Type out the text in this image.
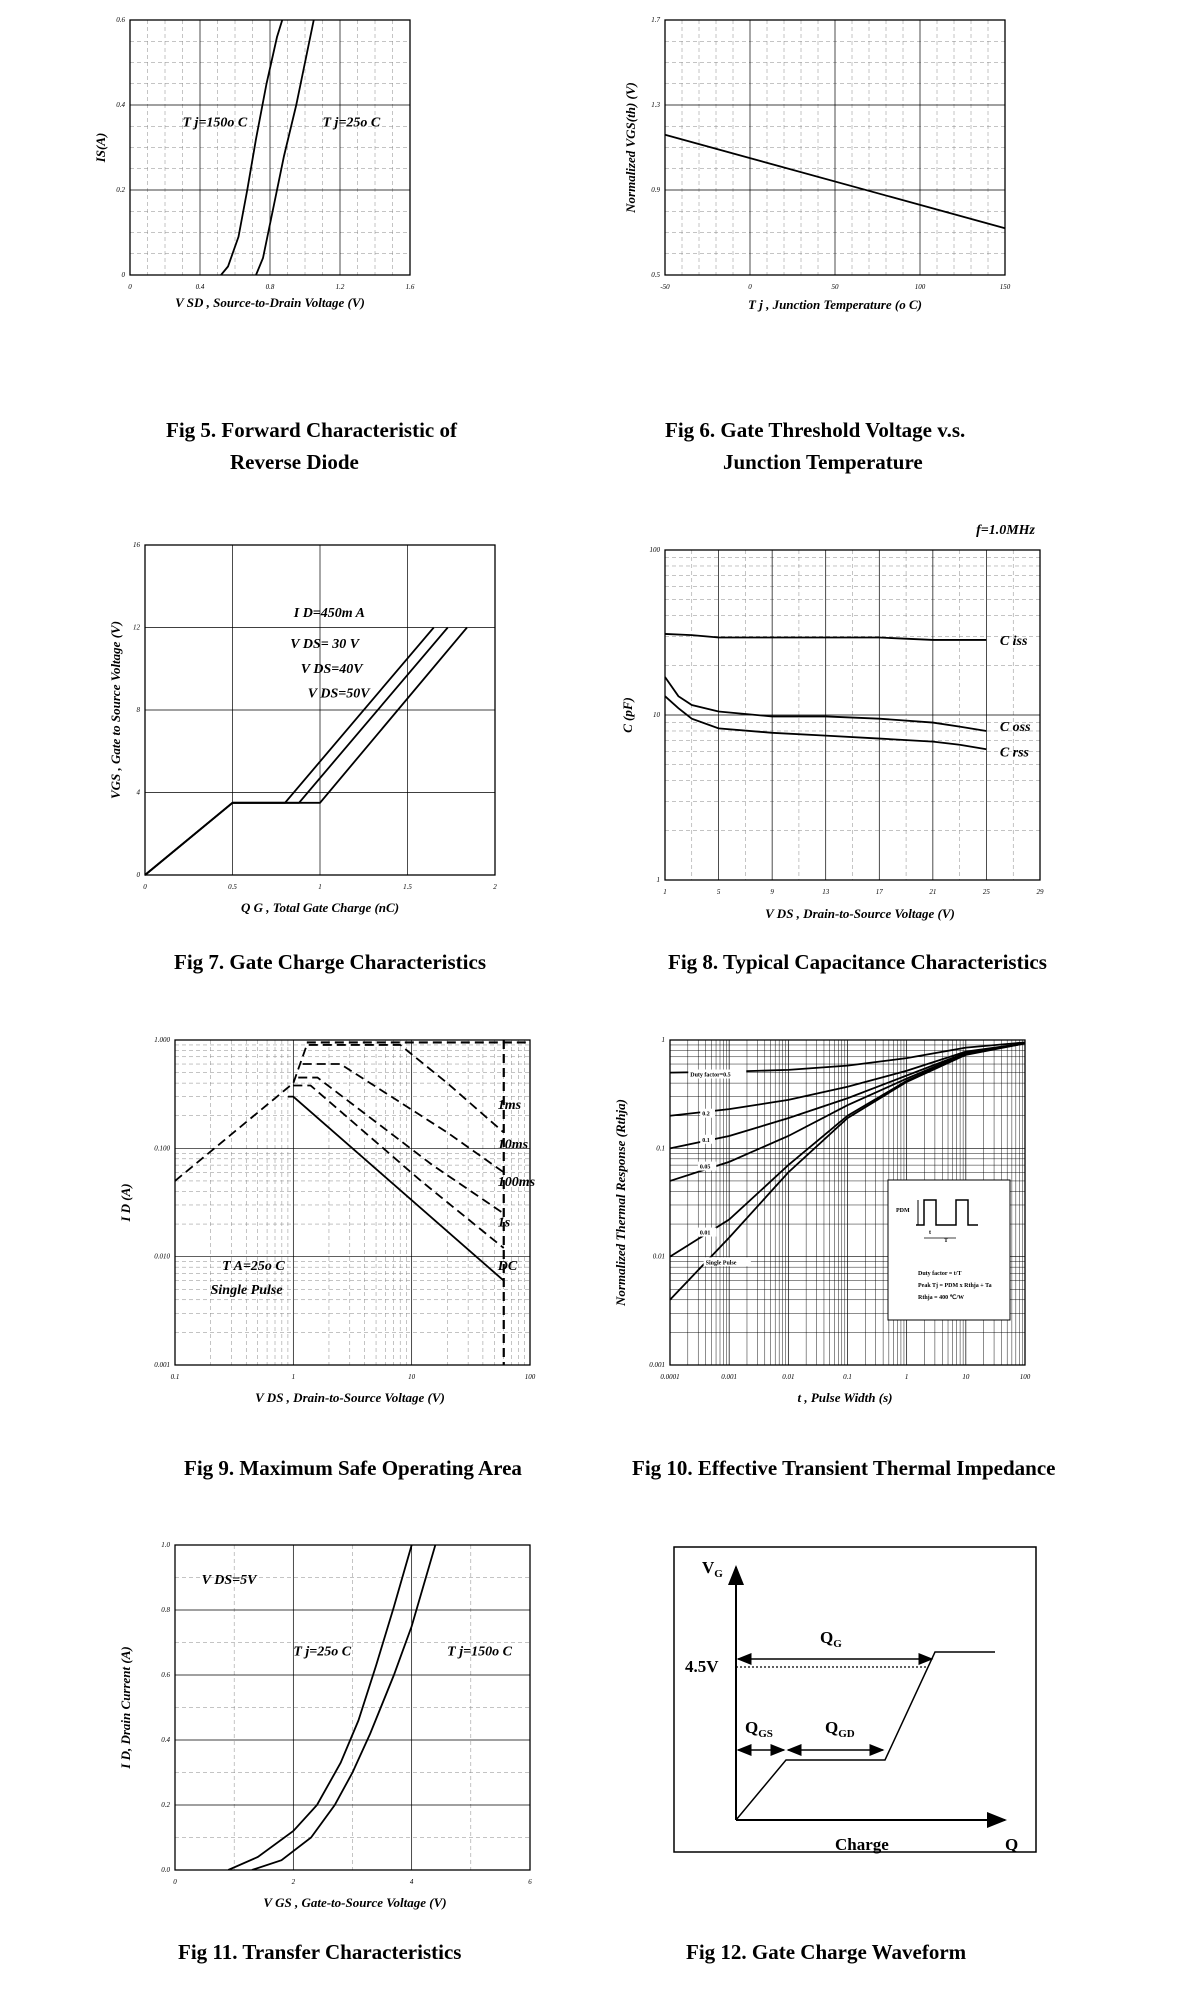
0	0.4	0.8	1.2	1.6
0
0.2
0.4
0.6
V SD , Source-to-Drain Voltage (V)
IS(A)
T j=150o C	T j=25o C
Fig 5. Forward Characteristic of
Reverse Diode
-50	0	50	100	150
0.5
0.9
1.3
1.7
T j , Junction Temperature (o C)
Normalized VGS(th) (V)
Fig 6. Gate Threshold Voltage v.s.
Junction Temperature
0	0.5	1	1.5	2
0
4
8
12
16
Q G , Total Gate Charge (nC)
VGS , Gate to Source Voltage (V)
I D=450m A
V DS= 30 V
V DS=40V
V DS=50V
Fig 7. Gate Charge Characteristics
1	5	9	13	17	21	25	29
1
10
100
V DS , Drain-to-Source Voltage (V)
C (pF)
f=1.0MHz
C iss
C oss
C rss
Fig 8. Typical Capacitance Characteristics
0.1	1	10	100
0.001
0.010
0.100
1.000
V DS , Drain-to-Source Voltage (V)
I D (A)
1ms
10ms
100ms
1s
DC
T A=25o C
Single Pulse
Fig 9. Maximum Safe Operating Area
0.0001	0.001	0.01	0.1	1	10	100
0.001
0.01
0.1
1
t , Pulse Width (s)
Normalized Thermal Response (Rthja)
Duty factor=0.5
0.2
0.1
0.05
0.01
Single Pulse
PDM
t
T
Duty factor = t/T
Peak Tj = PDM x Rthja + Ta
Rthja = 400 ℃/W
Fig 10. Effective Transient Thermal Impedance
0	2	4	6
0.0
0.2
0.4
0.6
0.8
1.0
V GS , Gate-to-Source Voltage (V)
I D, Drain Current (A)
V DS=5V
T j=25o C	T j=150o C
Fig 11. Transfer Characteristics
$V_G$
$Q_G$
4.5V
$Q_{GS}$	$Q_{GD}$
Charge	Q
Fig 12. Gate Charge Waveform
